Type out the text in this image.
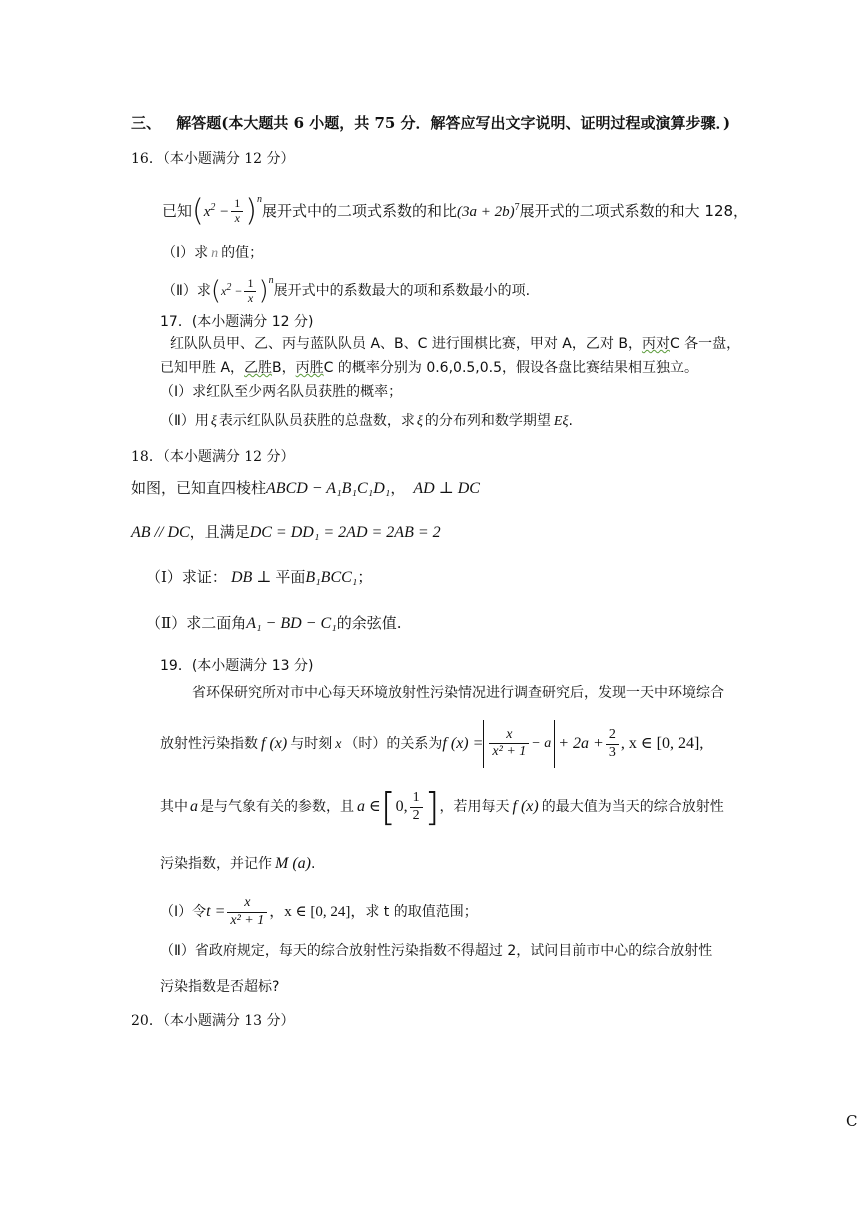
三、 解答题(本大题共 6 小题，共 75 分．解答应写出文字说明、证明过程或演算步骤．)
16．（本小题满分 12 分）
已知$(x^2 - \frac{1}{x} )^n$展开式中的二项式系数的和比$(3a + 2b)^7$展开式的二项式系数的和大 128，
（Ⅰ）求 n 的值；
（Ⅱ）求$(x^2 - \frac{1}{x} )^n$展开式中的系数最大的项和系数最小的项.
17．(本小题满分 12 分)
红队队员甲、乙、丙与蓝队队员 A、B、C 进行围棋比赛，甲对 A，乙对 B，丙对C 各一盘，
已知甲胜 A，乙胜B，丙胜C 的概率分别为 0.6,0.5,0.5，假设各盘比赛结果相互独立。
（Ⅰ）求红队至少两名队员获胜的概率；
（Ⅱ）用 ξ 表示红队队员获胜的总盘数，求 ξ 的分布列和数学期望 Eξ.
18．（本小题满分 12 分）
如图，已知直四棱柱ABCD − A₁B₁C₁D₁， AD ⊥ DC
AB // DC，且满足DC = DD₁ = 2AD = 2AB = 2
（Ⅰ）求证： DB ⊥ 平面B₁BCC₁；
（Ⅱ）求二面角A₁ − BD − C₁的余弦值.
19．(本小题满分 13 分)
省环保研究所对市中心每天环境放射性污染情况进行调查研究后，发现一天中环境综合
放射性污染指数 f (x) 与时刻 x （时）的关系为f $(x) = \frac{x}{\text{x² + 1}} - a + 2a + \frac{2}{3}$ , x ∈ [0, 24],
其中 a 是与气象有关的参数，且 a ∈[0, $\frac{1}{2}$ ]，若用每天 f (x) 的最大值为当天的综合放射性
污染指数，并记作 M (a).
（Ⅰ）令$t = \frac{x}{\text{x² + 1}}$ ，x ∈ [0, 24]，求 t 的取值范围；
（Ⅱ）省政府规定，每天的综合放射性污染指数不得超过 2，试问目前市中心的综合放射性
污染指数是否超标?
20．（本小题满分 13 分）
C
